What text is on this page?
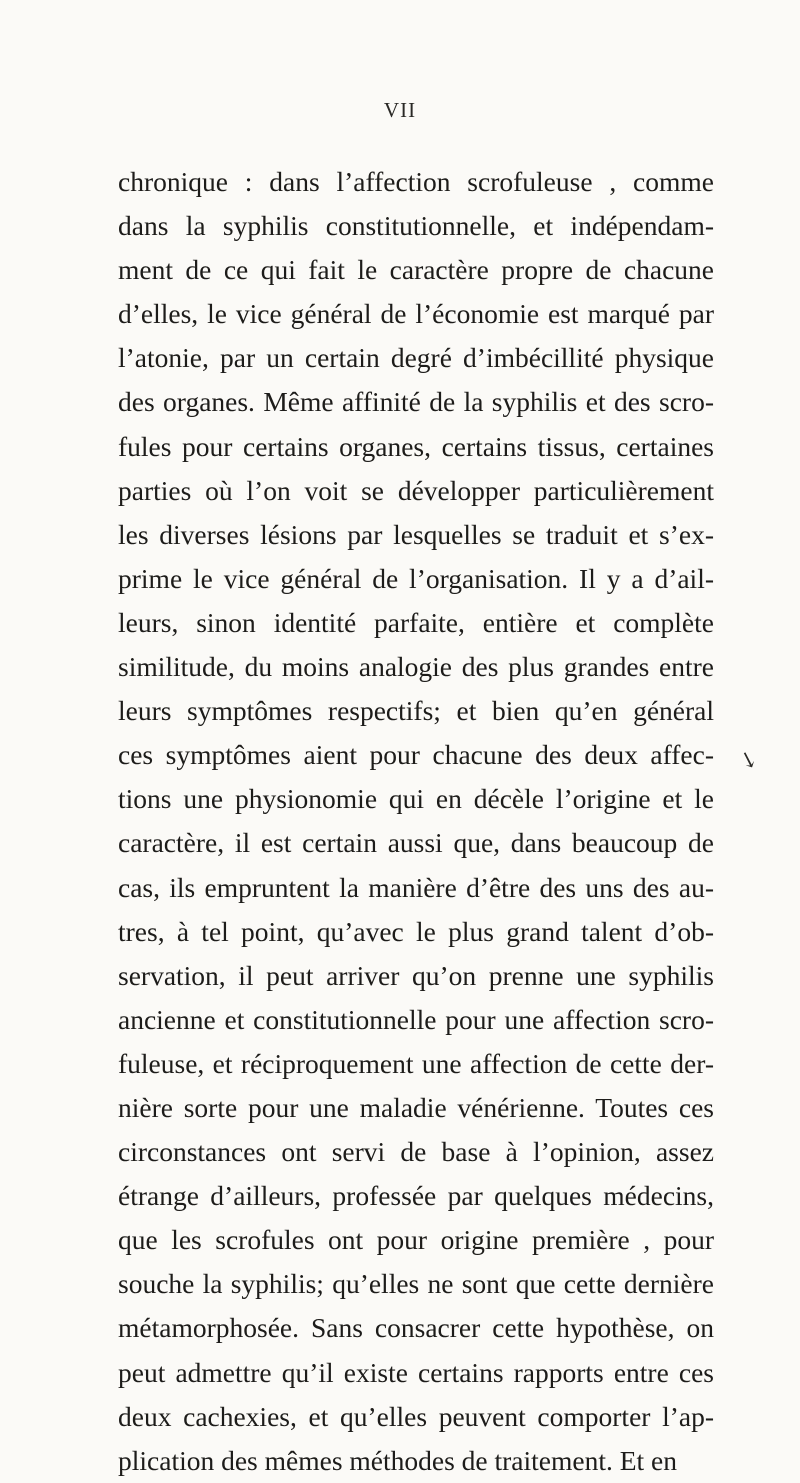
VII
chronique : dans l’affection scrofuleuse , comme
dans la syphilis constitutionnelle, et indépendam-
ment de ce qui fait le caractère propre de chacune
d’elles, le vice général de l’économie est marqué par
l’atonie, par un certain degré d’imbécillité physique
des organes. Même affinité de la syphilis et des scro-
fules pour certains organes, certains tissus, certaines
parties où l’on voit se développer particulièrement
les diverses lésions par lesquelles se traduit et s’ex-
prime le vice général de l’organisation. Il y a d’ail-
leurs, sinon identité parfaite, entière et complète
similitude, du moins analogie des plus grandes entre
leurs symptômes respectifs; et bien qu’en général
ces symptômes aient pour chacune des deux affec-
tions une physionomie qui en décèle l’origine et le
caractère, il est certain aussi que, dans beaucoup de
cas, ils empruntent la manière d’être des uns des au-
tres, à tel point, qu’avec le plus grand talent d’ob-
servation, il peut arriver qu’on prenne une syphilis
ancienne et constitutionnelle pour une affection scro-
fuleuse, et réciproquement une affection de cette der-
nière sorte pour une maladie vénérienne. Toutes ces
circonstances ont servi de base à l’opinion, assez
étrange d’ailleurs, professée par quelques médecins,
que les scrofules ont pour origine première , pour
souche la syphilis; qu’elles ne sont que cette dernière
métamorphosée. Sans consacrer cette hypothèse, on
peut admettre qu’il existe certains rapports entre ces
deux cachexies, et qu’elles peuvent comporter l’ap-
plication des mêmes méthodes de traitement. Et en
↘
